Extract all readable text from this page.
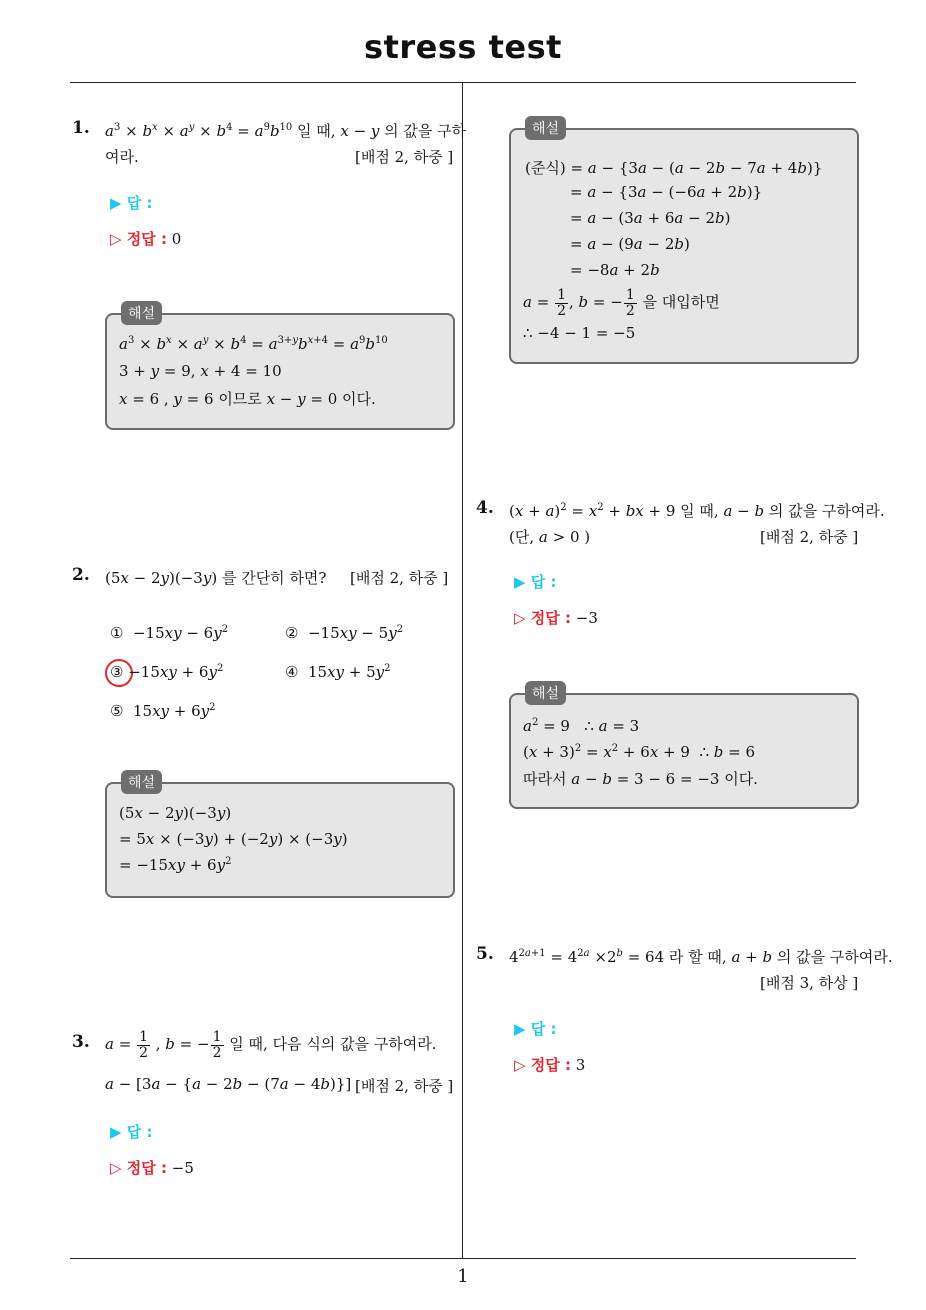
stress test
1
1. $a^3 \times b^x \times a^y \times b^4 = a^9b^{10}$ 일 때, x − y 의 값을 구하
여라.	[배점 2, 하중 ]
▶ 답 :
▷ 정답 : 0
해설
$a^3 \times b^x \times a^y \times b^4 = a^{3+y}b^{x+4} = a^9b^{10}$
3 + y = 9, x + 4 = 10
x = 6 , y = 6 이므로 x − y = 0 이다.
2. (5x − 2y)(−3y) 를 간단히 하면? [배점 2, 하중 ]
①  $-15xy - 6y^2$	②  $-15xy - 5y^2$
③ $-15xy + 6y^2$	④  $15xy + 5y^2$
⑤  $15xy + 6y^2$
해설
(5x − 2y)(−3y)
= 5x × (−3y) + (−2y) × (−3y)
= $-15xy + 6y^2$
3. $a = \frac{1}{2}$ , b = − $\frac{1}{2}$ 일 때, 다음 식의 값을 구하여라.
a − [3a − {a − 2b − (7a − 4b)}] [배점 2, 하중 ]
▶ 답 :
▷ 정답 : −5
해설
(준식) = a − {3a − (a − 2b − 7a + 4b)}
= a − {3a − (−6a + 2b)}
= a − (3a + 6a − 2b)
= a − (9a − 2b)
= −8a + 2b
$a = \frac{1}{2}$ , b = − $\frac{1}{2}$ 을 대입하면
∴ −4 − 1 = −5
4. $(x + a)^2 = x^2$ + bx + 9 일 때, a − b 의 값을 구하여라.
(단, a > 0 )	[배점 2, 하중 ]
▶ 답 :
▷ 정답 : −3
해설
$a^2 = 9$   ∴ a = 3
$(x + 3)^2 = x^2 + 6x + 9$  ∴ b = 6
따라서 a − b = 3 − 6 = −3 이다.
5. $4^{2a+1} = 4^{2a} \times 2^b = 64$ 라 할 때, a + b 의 값을 구하여라.
[배점 3, 하상 ]
▶ 답 :
▷ 정답 : 3
